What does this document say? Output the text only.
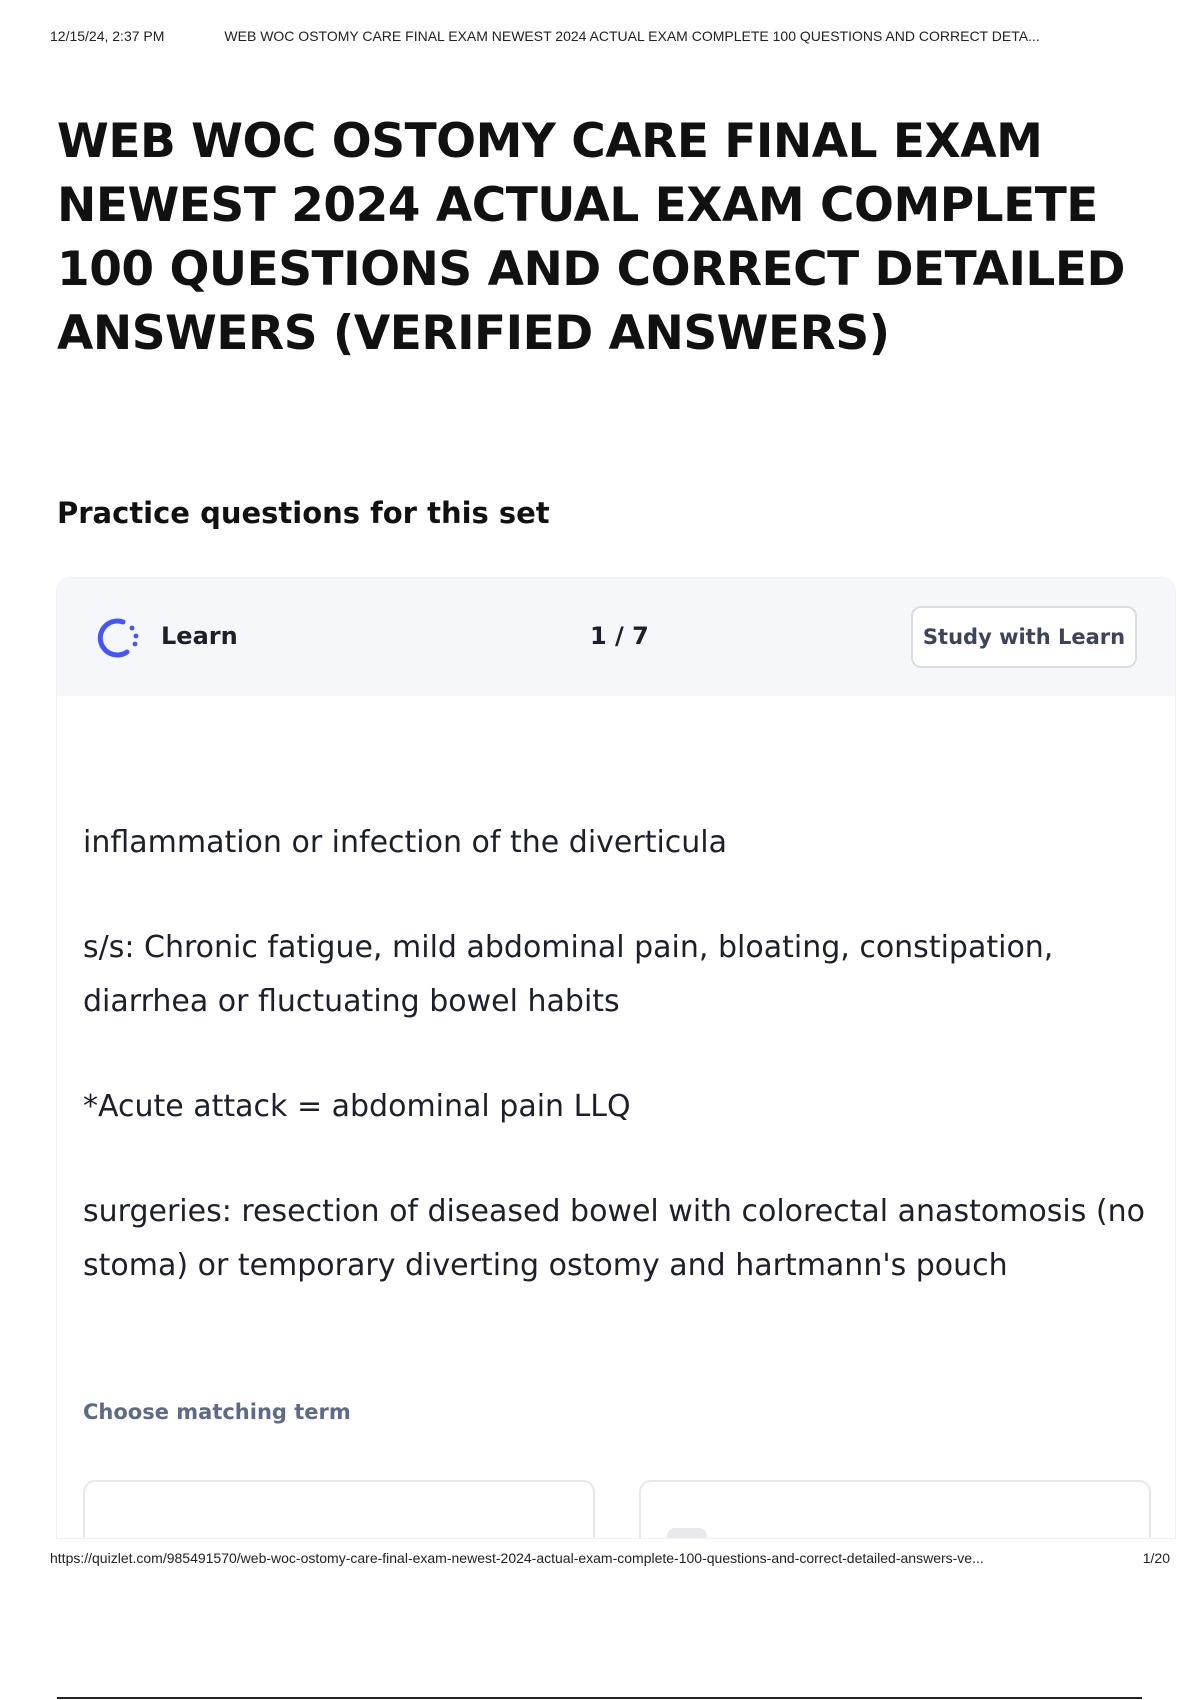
12/15/24, 2:37 PM	WEB WOC OSTOMY CARE FINAL EXAM NEWEST 2024 ACTUAL EXAM COMPLETE 100 QUESTIONS AND CORRECT DETA...
WEB WOC OSTOMY CARE FINAL EXAM NEWEST 2024 ACTUAL EXAM COMPLETE 100 QUESTIONS AND CORRECT DETAILED ANSWERS (VERIFIED ANSWERS)
Practice questions for this set
Learn	1 / 7	Study with Learn

inflammation or infection of the diverticula

s/s: Chronic fatigue, mild abdominal pain, bloating, constipation, diarrhea or fluctuating bowel habits

*Acute attack = abdominal pain LLQ

surgeries: resection of diseased bowel with colorectal anastomosis (no stoma) or temporary diverting ostomy and hartmann's pouch

Choose matching term
https://quizlet.com/985491570/web-woc-ostomy-care-final-exam-newest-2024-actual-exam-complete-100-questions-and-correct-detailed-answers-ve...	1/20
